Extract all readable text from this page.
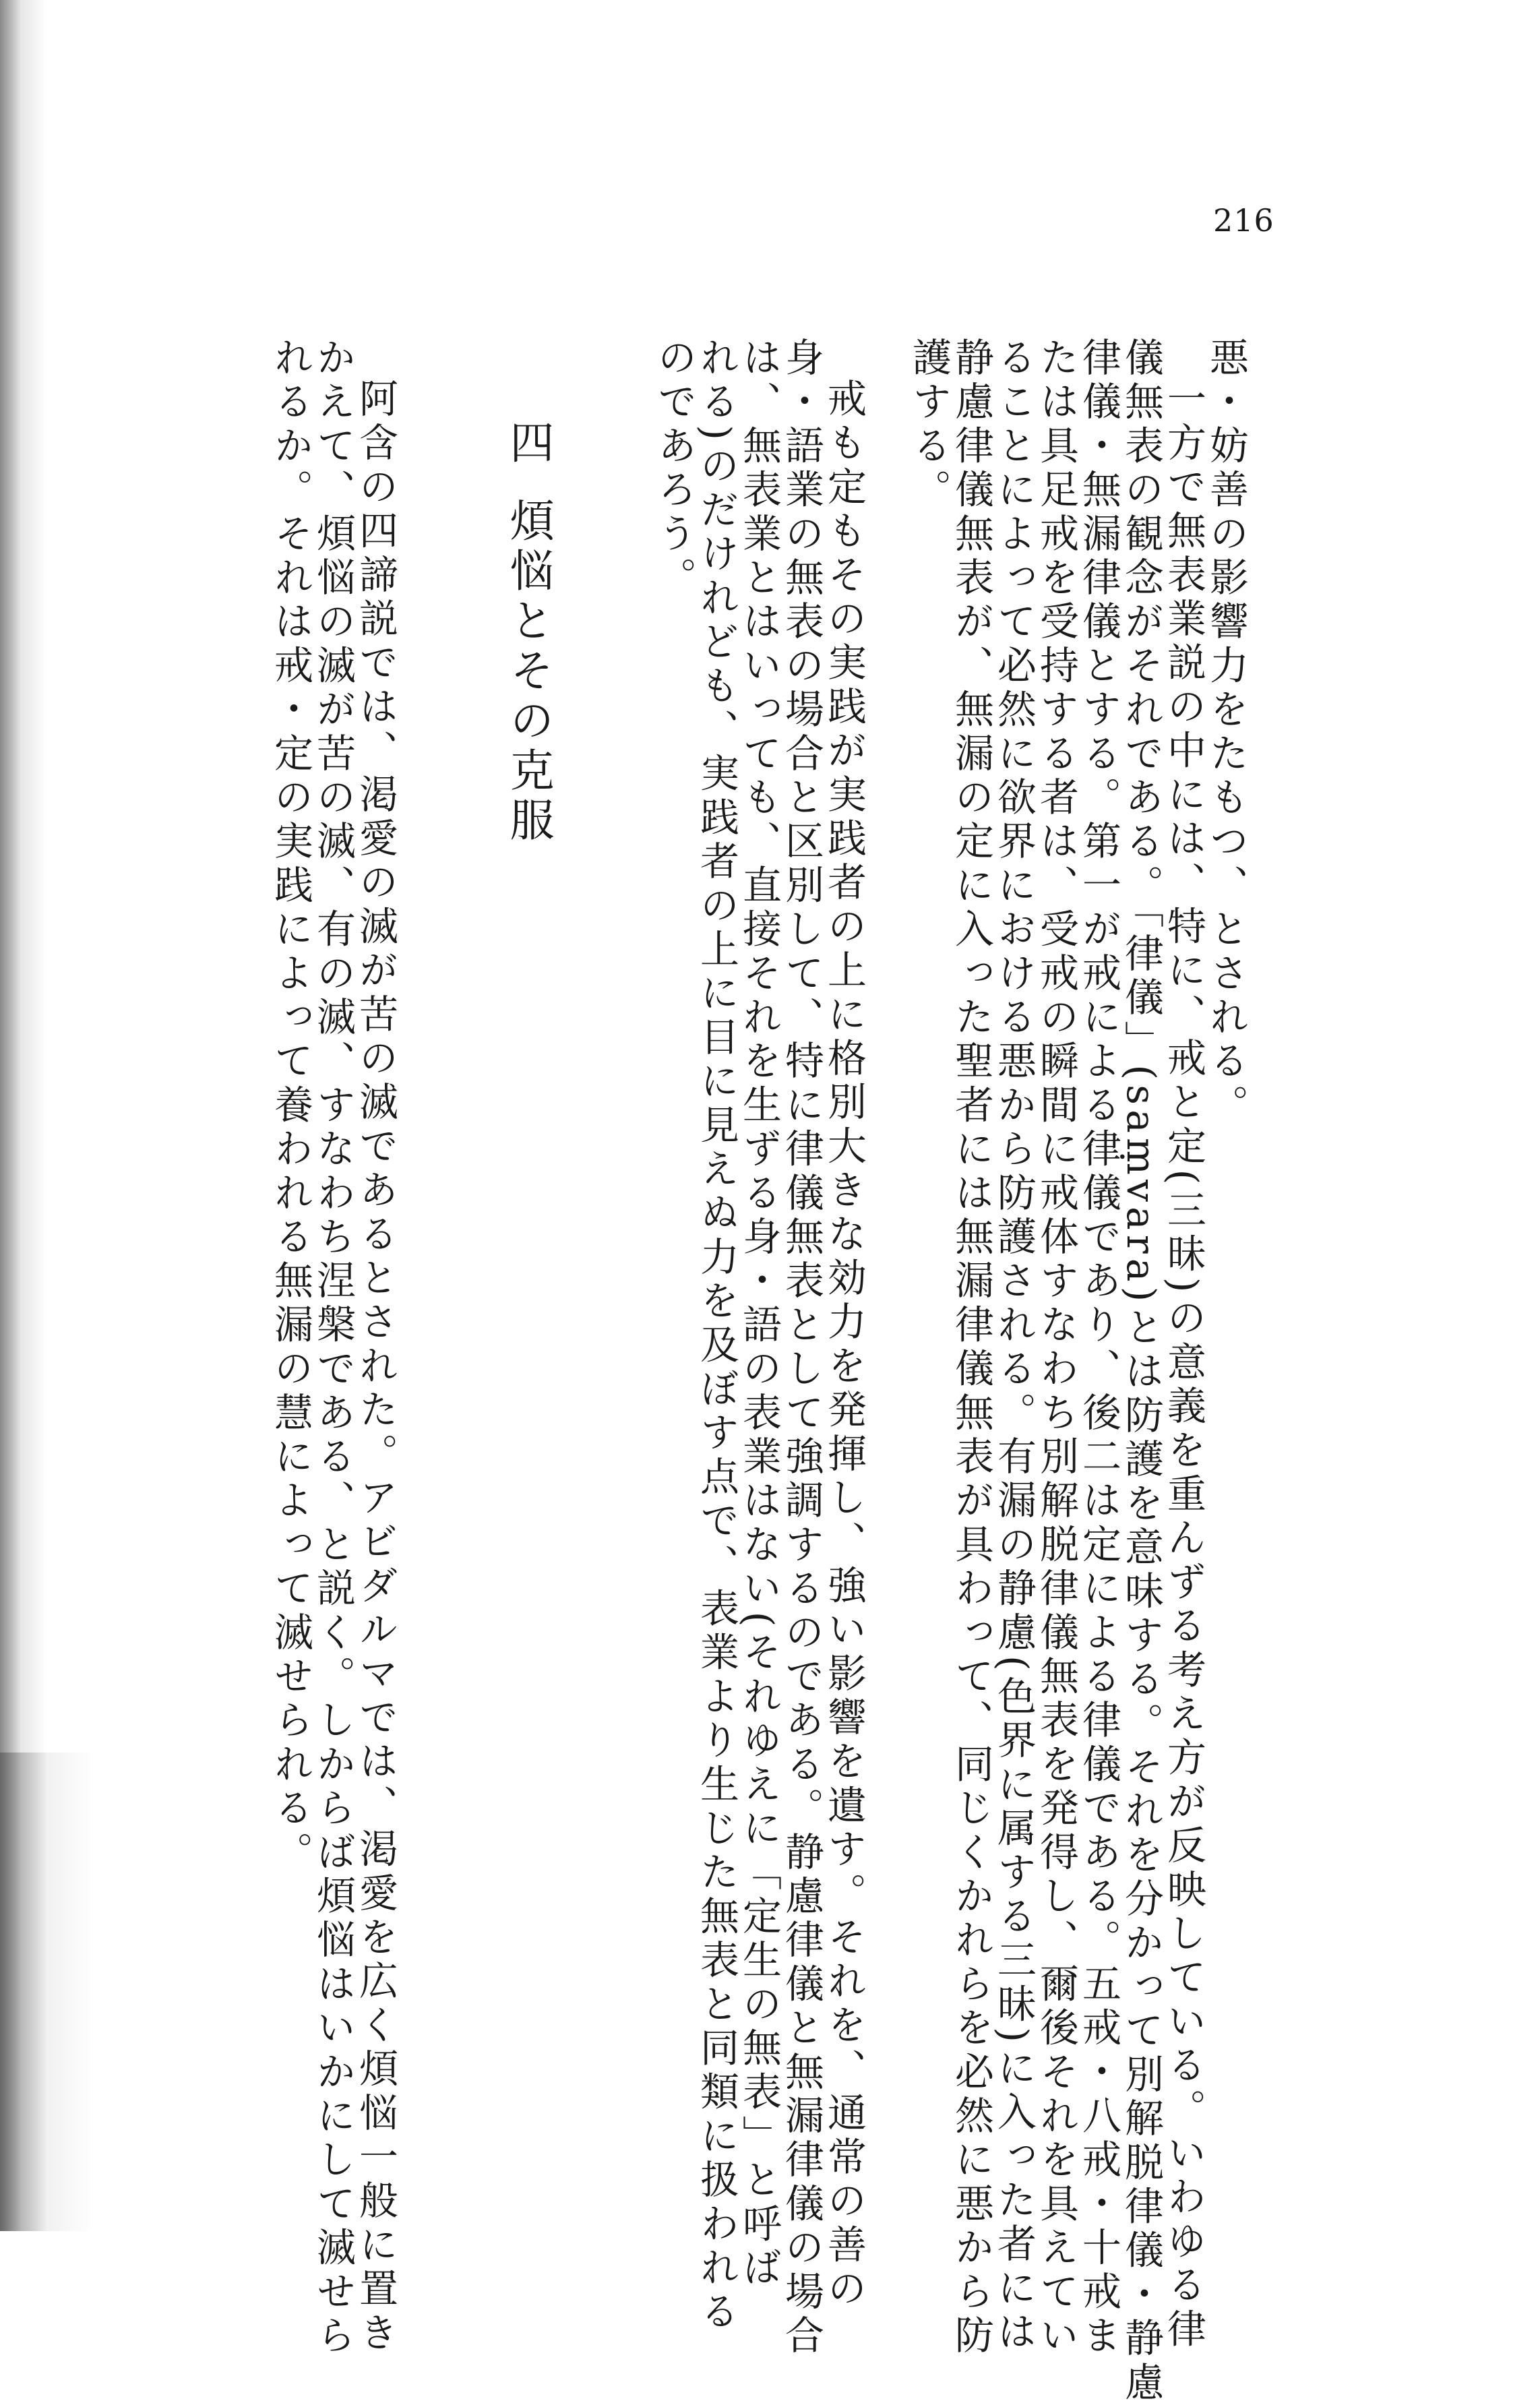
216
悪・妨善の影響力をたもつ、とされる。
一方で無表業説の中には、特に、戒と定(三昧)の意義を重んずる考え方が反映している。いわゆる律
儀無表の観念がそれである。「律儀」(saṃvara)とは防護を意味する。それを分かって別解脱律儀・静慮
律儀・無漏律儀とする。第一が戒による律儀であり、後二は定による律儀である。五戒・八戒・十戒ま
たは具足戒を受持する者は、受戒の瞬間に戒体すなわち別解脱律儀無表を発得し、爾後それを具えてい
ることによって必然に欲界における悪から防護される。有漏の静慮(色界に属する三昧)に入った者には
静慮律儀無表が、無漏の定に入った聖者には無漏律儀無表が具わって、同じくかれらを必然に悪から防
護する。
戒も定もその実践が実践者の上に格別大きな効力を発揮し、強い影響を遺す。それを、通常の善の
身・語業の無表の場合と区別して、特に律儀無表として強調するのである。静慮律儀と無漏律儀の場合
は、無表業とはいっても、直接それを生ずる身・語の表業はない(それゆえに「定生の無表」と呼ば
れる)のだけれども、実践者の上に目に見えぬ力を及ぼす点で、表業より生じた無表と同類に扱われる
のであろう。
四煩悩とその克服
阿含の四諦説では、渇愛の滅が苦の滅であるとされた。アビダルマでは、渇愛を広く煩悩一般に置き
かえて、煩悩の滅が苦の滅、有の滅、すなわち涅槃である、と説く。しからば煩悩はいかにして滅せら
れるか。それは戒・定の実践によって養われる無漏の慧によって滅せられる。
